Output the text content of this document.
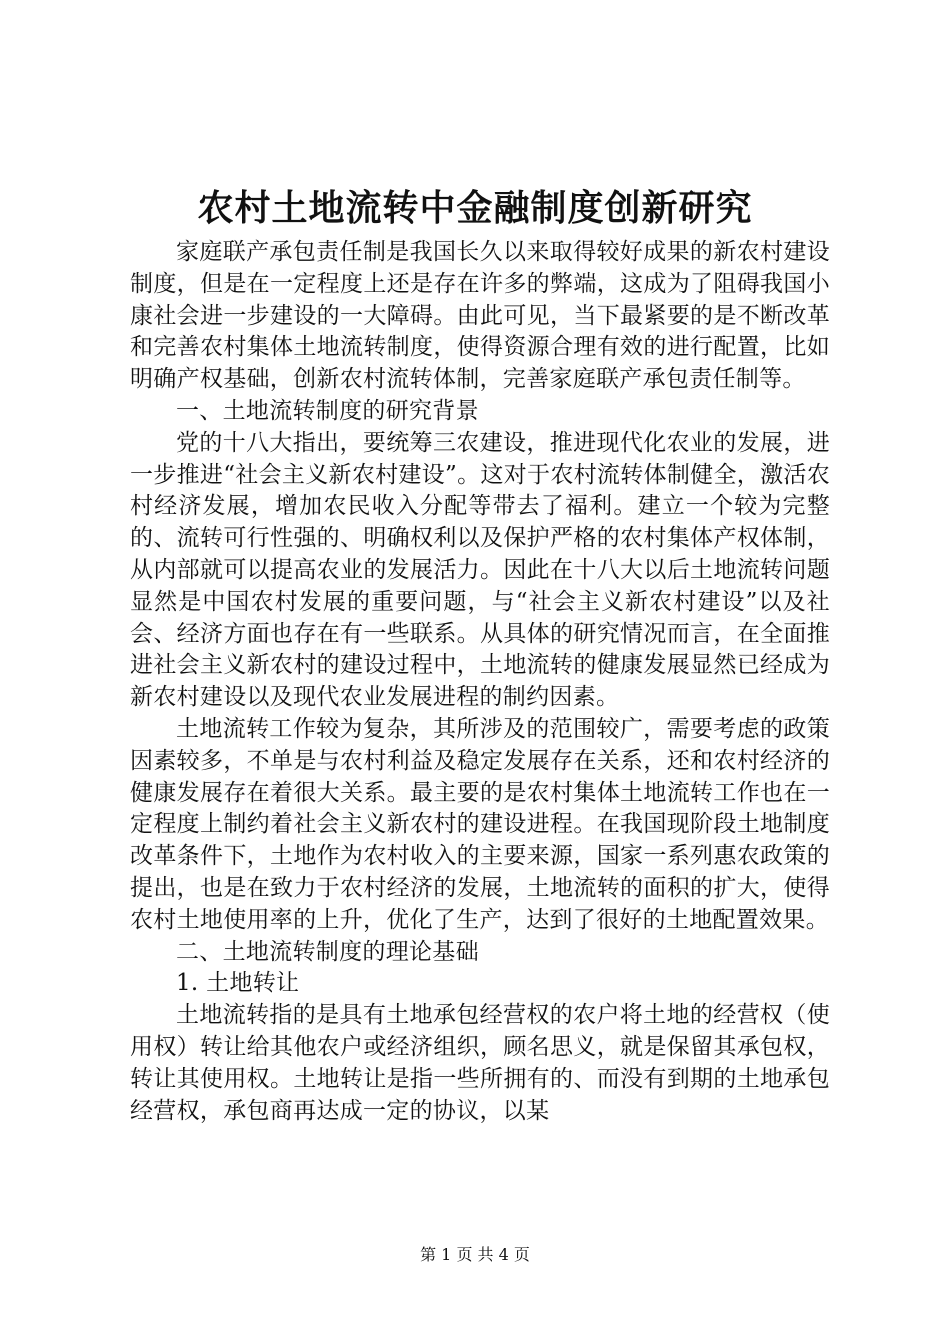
农村土地流转中金融制度创新研究

家庭联产承包责任制是我国长久以来取得较好成果的新农村建设制度，但是在一定程度上还是存在许多的弊端，这成为了阻碍我国小康社会进一步建设的一大障碍。由此可见，当下最紧要的是不断改革和完善农村集体土地流转制度，使得资源合理有效的进行配置，比如明确产权基础，创新农村流转体制，完善家庭联产承包责任制等。

一、土地流转制度的研究背景

党的十八大指出，要统筹三农建设，推进现代化农业的发展，进一步推进“社会主义新农村建设”。这对于农村流转体制健全，激活农村经济发展，增加农民收入分配等带去了福利。建立一个较为完整的、流转可行性强的、明确权利以及保护严格的农村集体产权体制，从内部就可以提高农业的发展活力。因此在十八大以后土地流转问题显然是中国农村发展的重要问题，与“社会主义新农村建设”以及社会、经济方面也存在有一些联系。从具体的研究情况而言，在全面推进社会主义新农村的建设过程中，土地流转的健康发展显然已经成为新农村建设以及现代农业发展进程的制约因素。

土地流转工作较为复杂，其所涉及的范围较广，需要考虑的政策因素较多，不单是与农村利益及稳定发展存在关系，还和农村经济的健康发展存在着很大关系。最主要的是农村集体土地流转工作也在一定程度上制约着社会主义新农村的建设进程。在我国现阶段土地制度改革条件下，土地作为农村收入的主要来源，国家一系列惠农政策的提出，也是在致力于农村经济的发展，土地流转的面积的扩大，使得农村土地使用率的上升，优化了生产，达到了很好的土地配置效果。

二、土地流转制度的理论基础

1. 土地转让

土地流转指的是具有土地承包经营权的农户将土地的经营权（使用权）转让给其他农户或经济组织，顾名思义，就是保留其承包权，转让其使用权。土地转让是指一些所拥有的、而没有到期的土地承包经营权，承包商再达成一定的协议，以某

第 1 页 共 4 页
